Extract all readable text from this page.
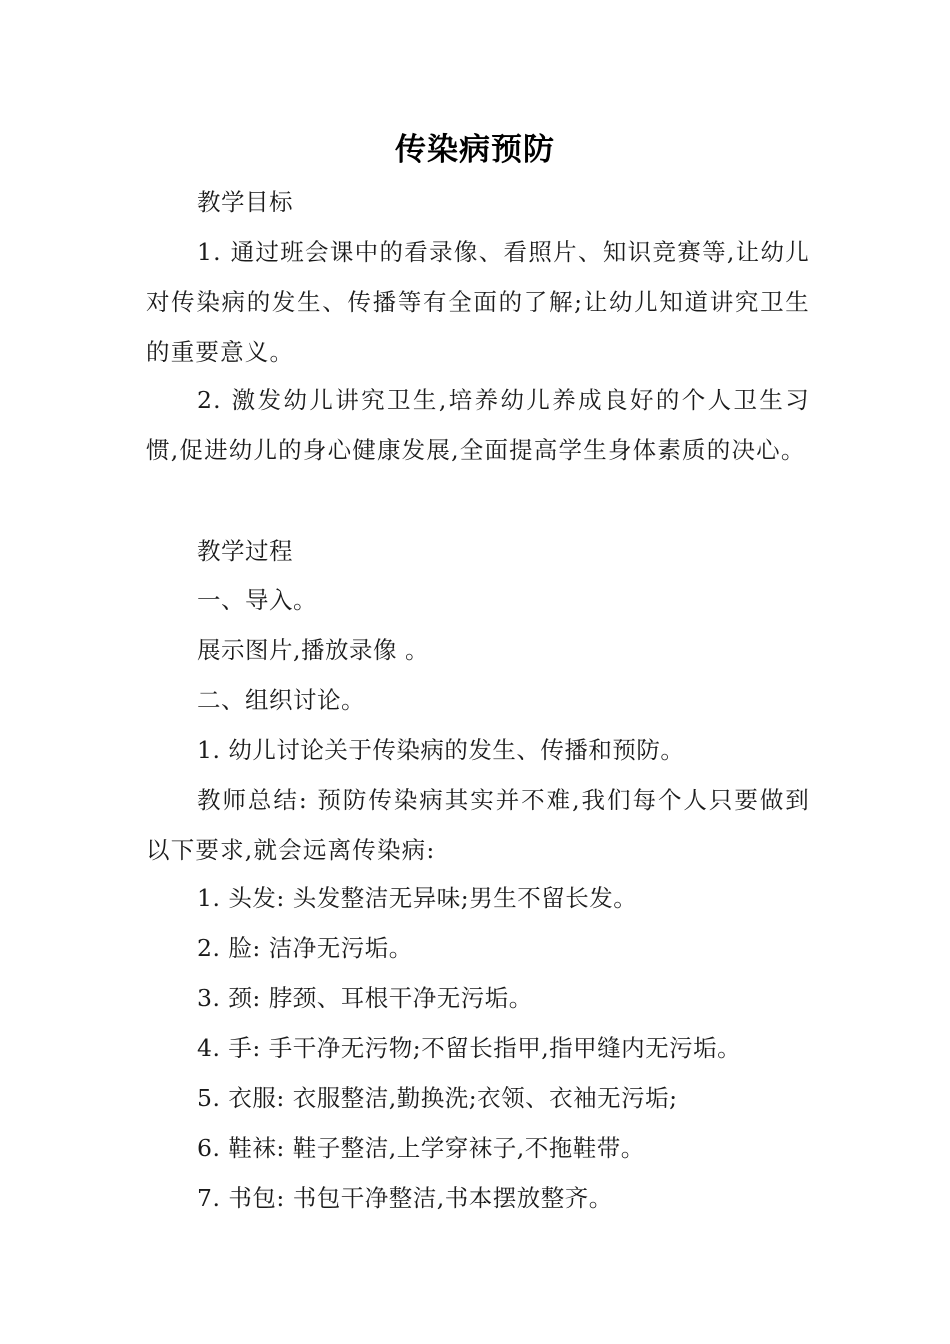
传染病预防

教学目标

1. 通过班会课中的看录像、看照片、知识竞赛等,让幼儿对传染病的发生、传播等有全面的了解;让幼儿知道讲究卫生的重要意义。

2. 激发幼儿讲究卫生,培养幼儿养成良好的个人卫生习惯,促进幼儿的身心健康发展,全面提高学生身体素质的决心。

教学过程

一、导入。

展示图片,播放录像 。

二、组织讨论。

1. 幼儿讨论关于传染病的发生、传播和预防。

教师总结: 预防传染病其实并不难,我们每个人只要做到以下要求,就会远离传染病:

1. 头发: 头发整洁无异味;男生不留长发。

2. 脸: 洁净无污垢。

3. 颈: 脖颈、耳根干净无污垢。

4. 手: 手干净无污物;不留长指甲,指甲缝内无污垢。

5. 衣服: 衣服整洁,勤换洗;衣领、衣袖无污垢;

6. 鞋袜: 鞋子整洁,上学穿袜子,不拖鞋带。

7. 书包: 书包干净整洁,书本摆放整齐。
